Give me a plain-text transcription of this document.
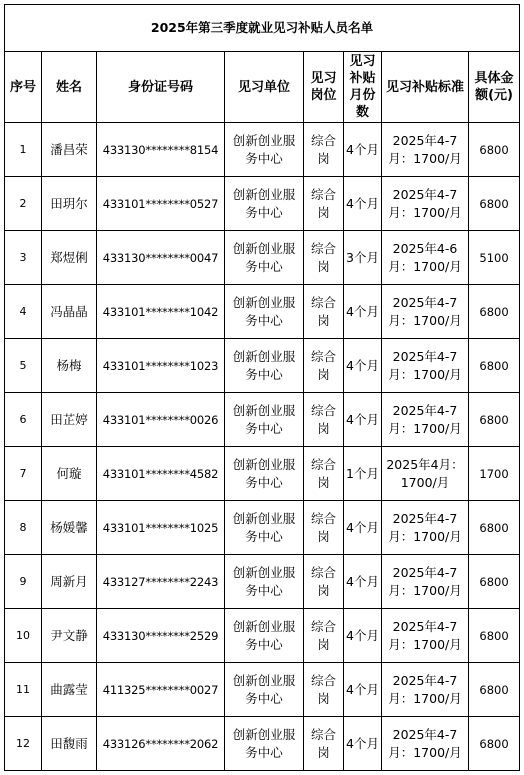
2025年第三季度就业见习补贴人员名单							
序号	姓名	身份证号码	见习单位	见习岗位	见习补贴月份数	见习补贴标准	具体金额(元)
1	潘昌荣	433130********8154	创新创业服务中心	综合岗	4个月	2025年4-7月：1700/月	6800
2	田玥尔	433101********0527	创新创业服务中心	综合岗	4个月	2025年4-7月：1700/月	6800
3	郑煜俐	433130********0047	创新创业服务中心	综合岗	3个月	2025年4-6月：1700/月	5100
4	冯晶晶	433101********1042	创新创业服务中心	综合岗	4个月	2025年4-7月：1700/月	6800
5	杨梅	433101********1023	创新创业服务中心	综合岗	4个月	2025年4-7月：1700/月	6800
6	田芷婷	433101********0026	创新创业服务中心	综合岗	4个月	2025年4-7月：1700/月	6800
7	何璇	433101********4582	创新创业服务中心	综合岗	1个月	2025年4月：1700/月	1700
8	杨媛馨	433101********1025	创新创业服务中心	综合岗	4个月	2025年4-7月：1700/月	6800
9	周新月	433127********2243	创新创业服务中心	综合岗	4个月	2025年4-7月：1700/月	6800
10	尹文静	433130********2529	创新创业服务中心	综合岗	4个月	2025年4-7月：1700/月	6800
11	曲露莹	411325********0027	创新创业服务中心	综合岗	4个月	2025年4-7月：1700/月	6800
12	田馥雨	433126********2062	创新创业服务中心	综合岗	4个月	2025年4-7月：1700/月	6800
